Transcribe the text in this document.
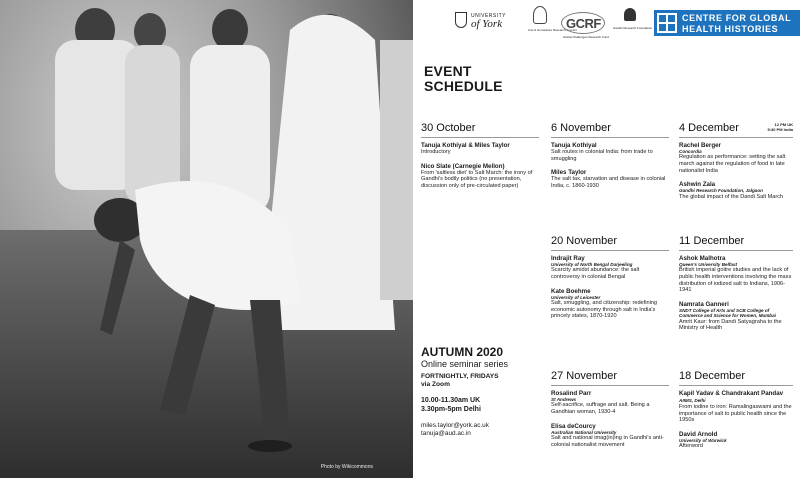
Photo by Wikicommons
UNIVERSITY
of York	Arts & Humanities Research Council
GCRF
Global Challenges Research Fund
Gandhi Research Foundation
CENTRE FOR GLOBAL
HEALTH HISTORIES
EVENT
SCHEDULE
30 October
Tanuja Kothiyal & Miles Taylor
Introductory
Nico Slate (Carnegie Mellon)
From 'saltless diet' to Salt March: the irony of Gandhi's bodily politics (no presentation, discussion only of pre-circulated paper)
6 November
Tanuja Kothiyal
Salt routes in colonial India: from trade to smuggling
Miles Taylor
The salt tax, starvation and disease in colonial India, c. 1860-1930
4 December	12 PM UK
5:30 PM India
Rachel Berger
Concordia
Regulation as performance: setting the salt march against the regulation of food in late nationalist India
Ashwin Zala
Gandhi Research Foundation, Jalgaon
The global impact of the Dandi Salt March
20 November
Indrajit Ray
University of North Bengal Darjeeling
Scarcity amidst abundance: the salt controversy in colonial Bengal
Kate Boehme
University of Leicester
Salt, smuggling, and citizenship: redefining economic autonomy through salt in India's princely states, 1870-1920
11 December
Ashok Malhotra
Queen's University Belfast
British imperial goitre studies and the lack of public health interventions involving the mass distribution of iodized salt to Indians, 1906-1941
Namrata Ganneri
SNDT College of Arts and SCB College of Commerce and Science for Women, Mumbai
Amrit Kaur: from Dandi Satyagraha to the Ministry of Health
27 November
Rosalind Parr
St Andrews
Self-sacrifice, suffrage and salt. Being a Gandhian woman, 1930-4
Elisa deCourcy
Australian National University
Salt and national imag(in)ing in Gandhi's anti-colonial nationalist movement
18 December
Kapil Yadav & Chandrakant Pandav AIIMS, Delhi
From iodine to iron: Ramalingaswami and the importance of salt to public health since the 1950s
David Arnold
University of Warwick
Afterword
AUTUMN 2020
Online seminar series
FORTNIGHTLY, FRIDAYS
via Zoom
10.00-11.30am UK
3.30pm-5pm Delhi
miles.taylor@york.ac.uk
tanuja@aud.ac.in
